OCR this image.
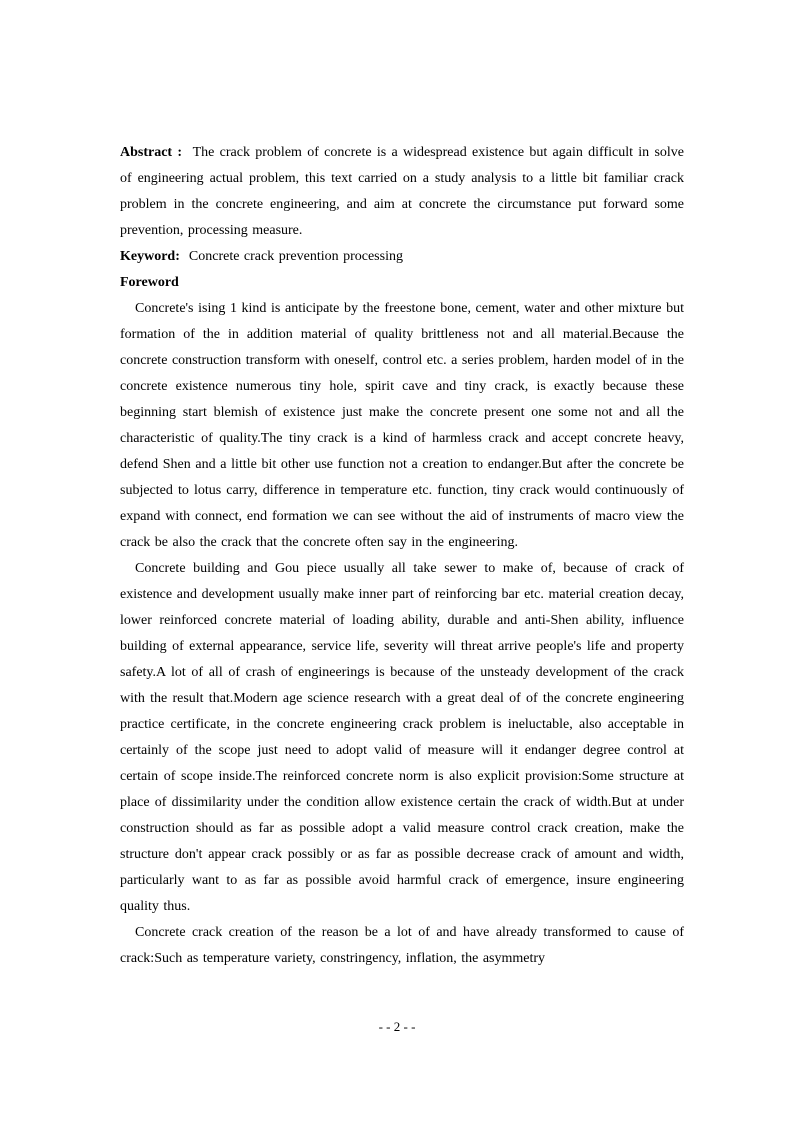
Abstract : The crack problem of concrete is a widespread existence but again difficult in solve of engineering actual problem, this text carried on a study analysis to a little bit familiar crack problem in the concrete engineering, and aim at concrete the circumstance put forward some prevention, processing measure.

Keyword: Concrete crack prevention processing

Foreword

Concrete's ising 1 kind is anticipate by the freestone bone, cement, water and other mixture but formation of the in addition material of quality brittleness not and all material.Because the concrete construction transform with oneself, control etc. a series problem, harden model of in the concrete existence numerous tiny hole, spirit cave and tiny crack, is exactly because these beginning start blemish of existence just make the concrete present one some not and all the characteristic of quality.The tiny crack is a kind of harmless crack and accept concrete heavy, defend Shen and a little bit other use function not a creation to endanger.But after the concrete be subjected to lotus carry, difference in temperature etc. function, tiny crack would continuously of expand with connect, end formation we can see without the aid of instruments of macro view the crack be also the crack that the concrete often say in the engineering.

Concrete building and Gou piece usually all take sewer to make of, because of crack of existence and development usually make inner part of reinforcing bar etc. material creation decay, lower reinforced concrete material of loading ability, durable and anti-Shen ability, influence building of external appearance, service life, severity will threat arrive people's life and property safety.A lot of all of crash of engineerings is because of the unsteady development of the crack with the result that.Modern age science research with a great deal of of the concrete engineering practice certificate, in the concrete engineering crack problem is ineluctable, also acceptable in certainly of the scope just need to adopt valid of measure will it endanger degree control at certain of scope inside.The reinforced concrete norm is also explicit provision:Some structure at place of dissimilarity under the condition allow existence certain the crack of width.But at under construction should as far as possible adopt a valid measure control crack creation, make the structure don't appear crack possibly or as far as possible decrease crack of amount and width, particularly want to as far as possible avoid harmful crack of emergence, insure engineering quality thus.

Concrete crack creation of the reason be a lot of and have already transformed to cause of crack:Such as temperature variety, constringency, inflation, the asymmetry

- - 2 - -
